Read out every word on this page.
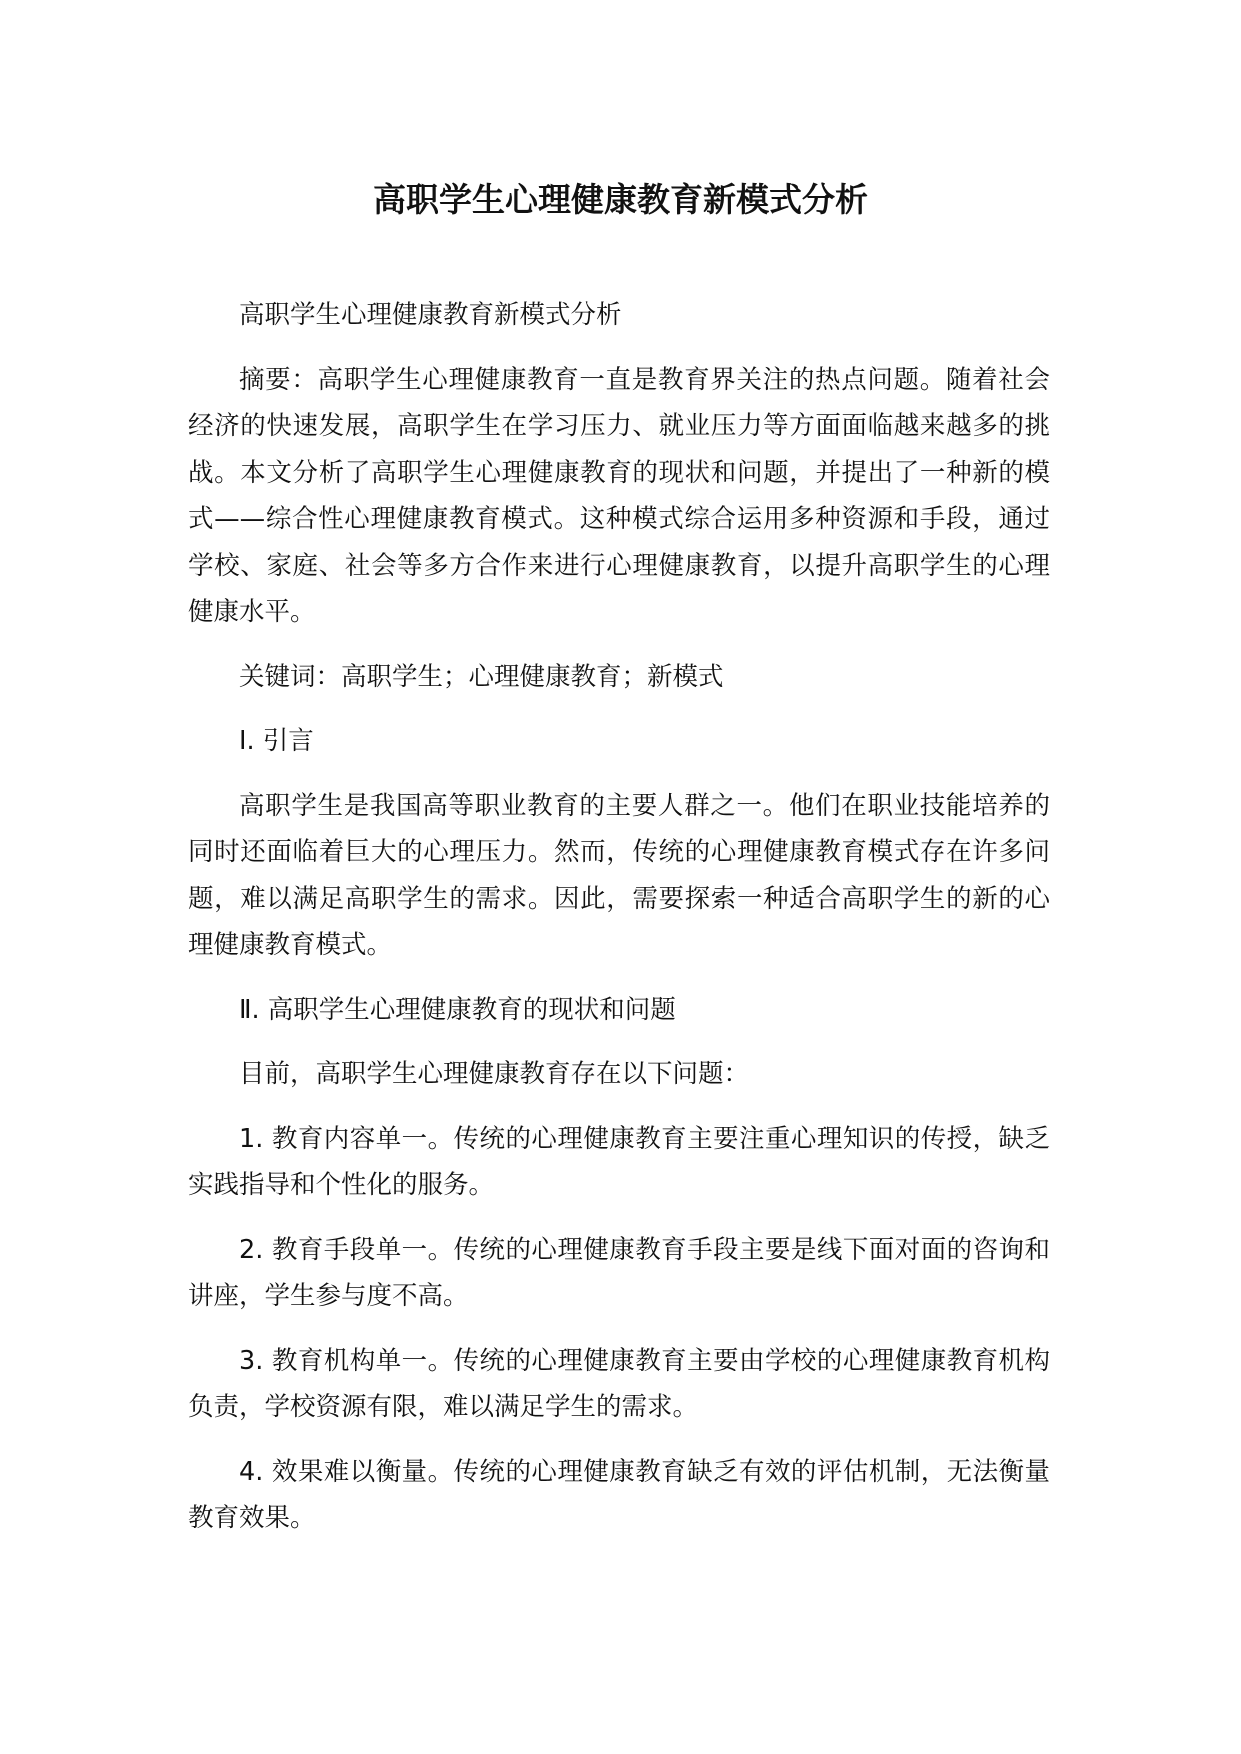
高职学生心理健康教育新模式分析

高职学生心理健康教育新模式分析

摘要：高职学生心理健康教育一直是教育界关注的热点问题。随着社会经济的快速发展，高职学生在学习压力、就业压力等方面面临越来越多的挑战。本文分析了高职学生心理健康教育的现状和问题，并提出了一种新的模式——综合性心理健康教育模式。这种模式综合运用多种资源和手段，通过学校、家庭、社会等多方合作来进行心理健康教育，以提升高职学生的心理健康水平。

关键词：高职学生；心理健康教育；新模式

Ⅰ. 引言

高职学生是我国高等职业教育的主要人群之一。他们在职业技能培养的同时还面临着巨大的心理压力。然而，传统的心理健康教育模式存在许多问题，难以满足高职学生的需求。因此，需要探索一种适合高职学生的新的心理健康教育模式。

Ⅱ. 高职学生心理健康教育的现状和问题

目前，高职学生心理健康教育存在以下问题：

1. 教育内容单一。传统的心理健康教育主要注重心理知识的传授，缺乏实践指导和个性化的服务。

2. 教育手段单一。传统的心理健康教育手段主要是线下面对面的咨询和讲座，学生参与度不高。

3. 教育机构单一。传统的心理健康教育主要由学校的心理健康教育机构负责，学校资源有限，难以满足学生的需求。

4. 效果难以衡量。传统的心理健康教育缺乏有效的评估机制，无法衡量教育效果。
